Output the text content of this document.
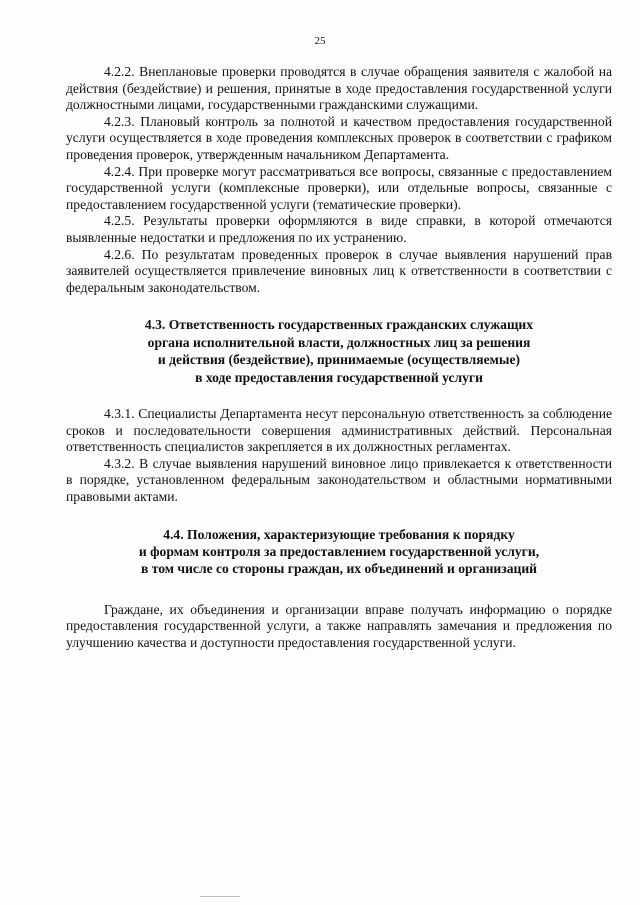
25

4.2.2. Внеплановые проверки проводятся в случае обращения заявителя с жалобой на действия (бездействие) и решения, принятые в ходе предоставления государственной услуги должностными лицами, государственными гражданскими служащими.

4.2.3. Плановый контроль за полнотой и качеством предоставления государственной услуги осуществляется в ходе проведения комплексных проверок в соответствии с графиком проведения проверок, утвержденным начальником Департамента.

4.2.4. При проверке могут рассматриваться все вопросы, связанные с предоставлением государственной услуги (комплексные проверки), или отдельные вопросы, связанные с предоставлением государственной услуги (тематические проверки).

4.2.5. Результаты проверки оформляются в виде справки, в которой отмечаются выявленные недостатки и предложения по их устранению.

4.2.6. По результатам проведенных проверок в случае выявления нарушений прав заявителей осуществляется привлечение виновных лиц к ответственности в соответствии с федеральным законодательством.

4.3. Ответственность государственных гражданских служащих
органа исполнительной власти, должностных лиц за решения
и действия (бездействие), принимаемые (осуществляемые)
в ходе предоставления государственной услуги

4.3.1. Специалисты Департамента несут персональную ответственность за соблюдение сроков и последовательности совершения административных действий. Персональная ответственность специалистов закрепляется в их должностных регламентах.

4.3.2. В случае выявления нарушений виновное лицо привлекается к ответственности в порядке, установленном федеральным законодательством и областными нормативными правовыми актами.

4.4. Положения, характеризующие требования к порядку
и формам контроля за предоставлением государственной услуги,
в том числе со стороны граждан, их объединений и организаций

Граждане, их объединения и организации вправе получать информацию о порядке предоставления государственной услуги, а также направлять замечания и предложения по улучшению качества и доступности предоставления государственной услуги.
